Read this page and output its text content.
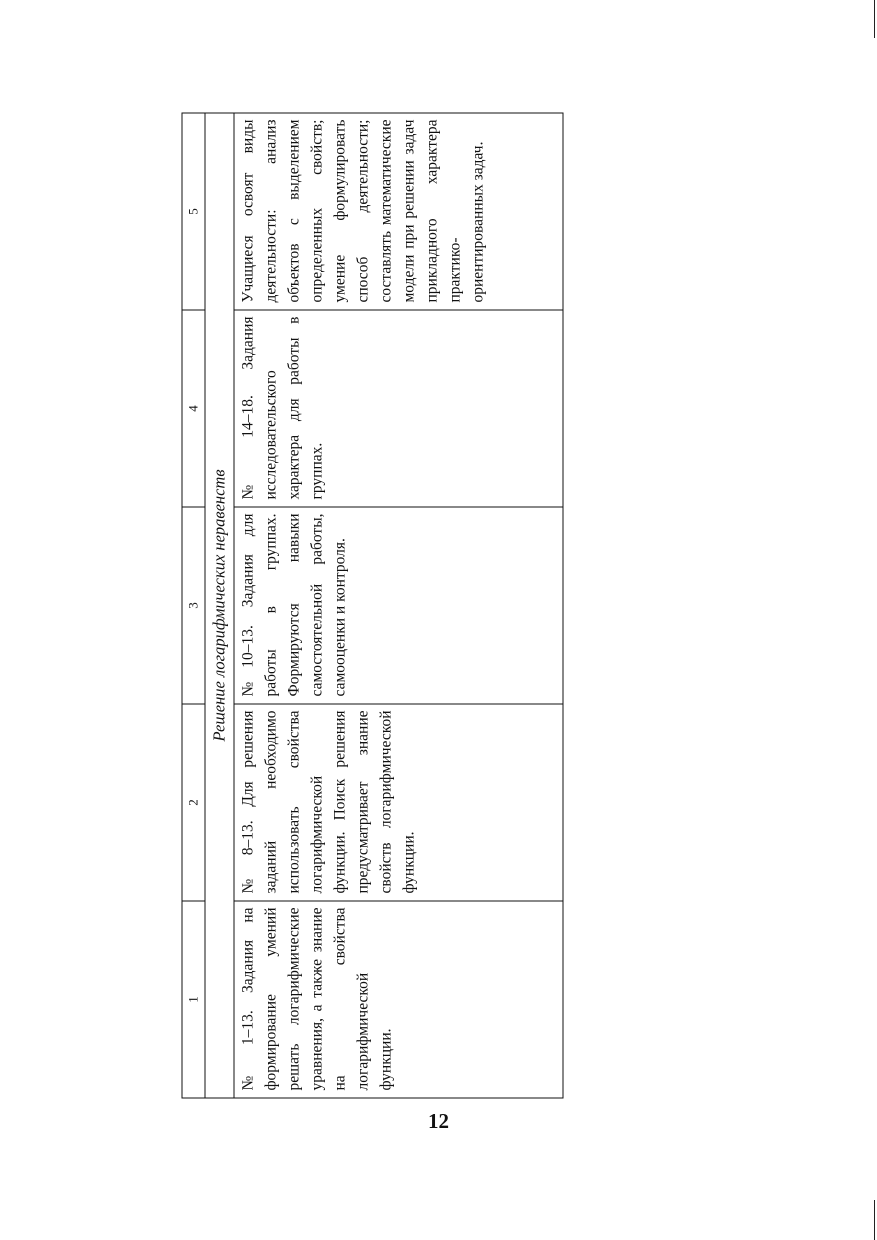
1	2	3	4	5
Решение логарифмических неравенств				

№ 1–13. Задания на формирование умений решать логарифмические уравнения, а также знание на свойства логарифмической функции.	№ 8–13. Для решения заданий необходимо использовать свойства логарифмической функции. Поиск решения предусматривает знание свойств логарифмической функции.	№10–13. Задания для работы в группах. Формируются навыки самостоятельной работы, самооценки и контроля.	№ 14–18. Задания исследовательского характера для работы в группах.	Учащиеся освоят виды деятельности: анализ объектов с выделением определенных свойств; умение формулировать способ деятельности; составлять математические модели при решении задач прикладного характера практико-ориентированных задач.
12
